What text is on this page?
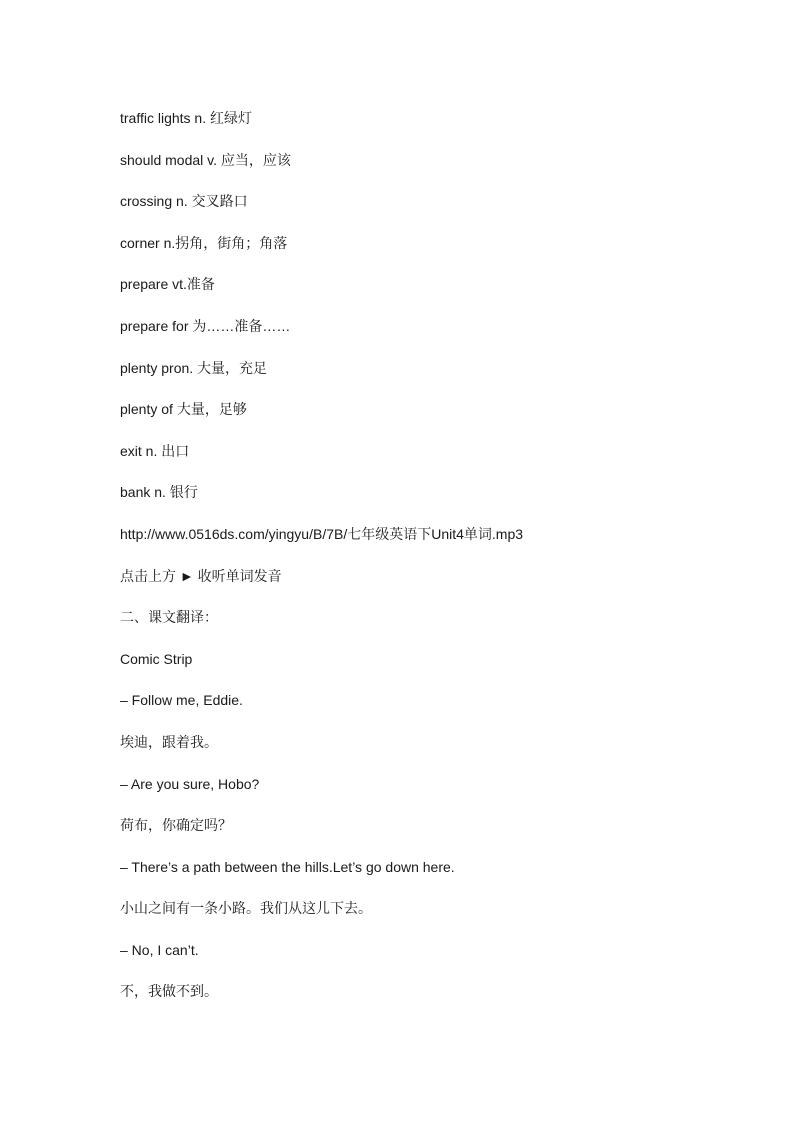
traffic lights n. 红绿灯
should modal v. 应当，应该
crossing n. 交叉路口
corner n.拐角，街角；角落
prepare vt.准备
prepare for 为……准备……
plenty pron. 大量，充足
plenty of 大量，足够
exit n. 出口
bank n. 银行
http://www.0516ds.com/yingyu/B/7B/七年级英语下Unit4单词.mp3
点击上方 ► 收听单词发音
二、课文翻译：
Comic Strip
– Follow me, Eddie.
埃迪，跟着我。
– Are you sure, Hobo?
荷布，你确定吗？
– There’s a path between the hills.Let’s go down here.
小山之间有一条小路。我们从这儿下去。
– No, I can’t.
不，我做不到。
